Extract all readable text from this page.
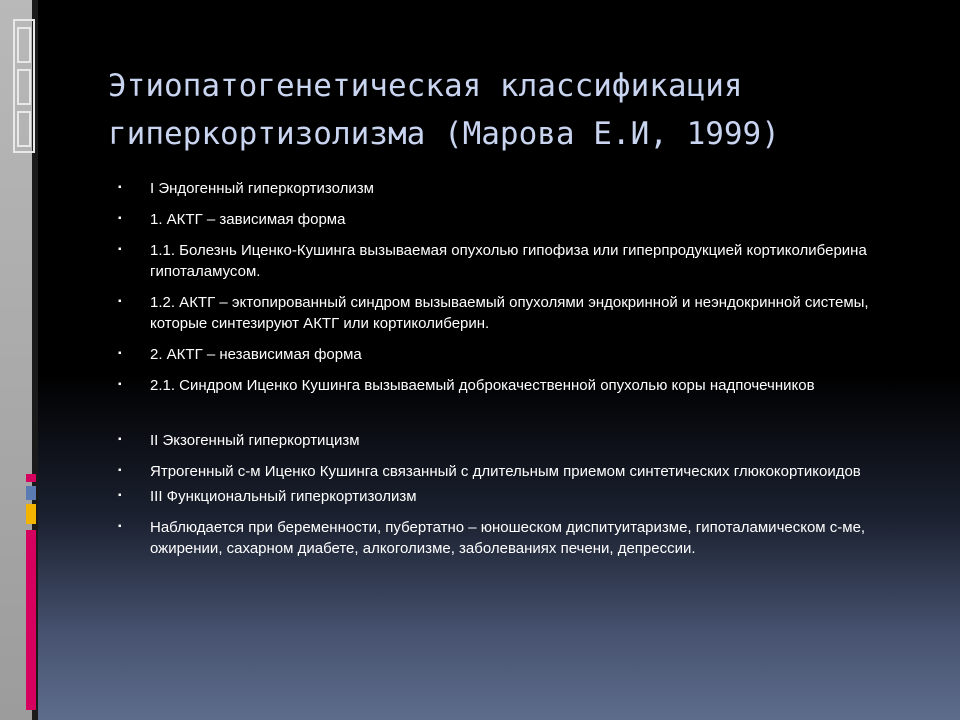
Этиопатогенетическая классификация
гиперкортизолизма (Марова Е.И, 1999)
▪	I Эндогенный гиперкортизолизм
▪	1. АКТГ – зависимая форма
▪	1.1. Болезнь Иценко-Кушинга вызываемая опухолью гипофиза или гиперпродукцией кортиколиберина гипоталамусом.
▪	1.2. АКТГ – эктопированный синдром вызываемый опухолями эндокринной и неэндокринной системы, которые синтезируют АКТГ или кортиколиберин.
▪	2. АКТГ – независимая форма
▪	2.1. Синдром Иценко Кушинга вызываемый доброкачественной опухолью коры надпочечников
▪	II Экзогенный гиперкортицизм
▪	Ятрогенный с-м Иценко Кушинга связанный с длительным приемом синтетических глюкокортикоидов
▪	III Функциональный гиперкортизолизм
▪	Наблюдается при беременности, пубертатно – юношеском диспитуитаризме, гипоталамическом с-ме, ожирении, сахарном диабете, алкоголизме, заболеваниях печени, депрессии.
